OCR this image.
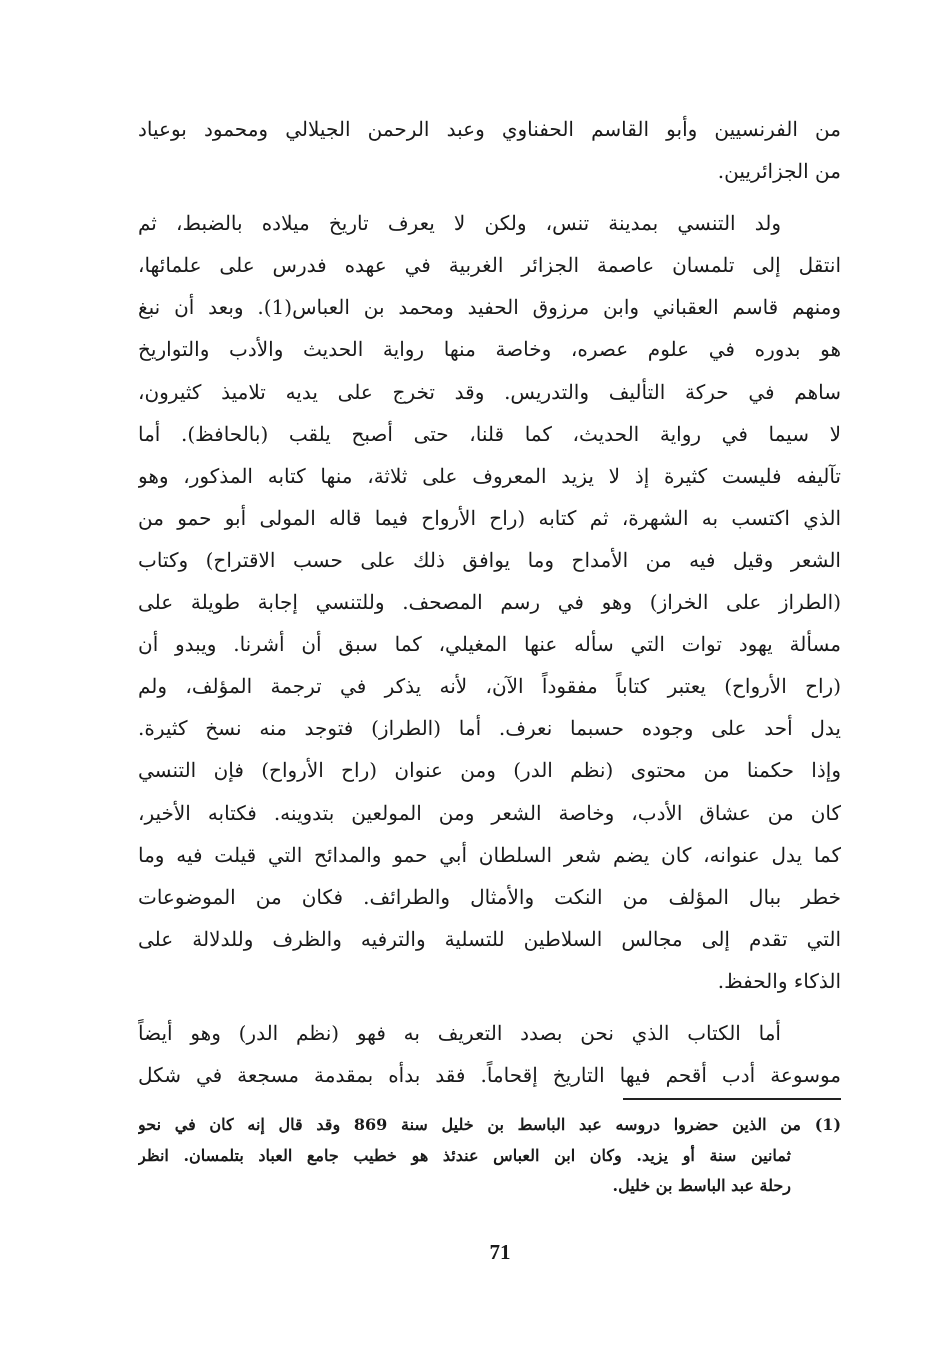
من الفرنسيين وأبو القاسم الحفناوي وعبد الرحمن الجيلالي ومحمود بوعياد
من الجزائريين.
ولد التنسي بمدينة تنس، ولكن لا يعرف تاريخ ميلاده بالضبط، ثم
انتقل إلى تلمسان عاصمة الجزائر الغربية في عهده فدرس على علمائها،
ومنهم قاسم العقباني وابن مرزوق الحفيد ومحمد بن العباس(1). وبعد أن نبغ
هو بدوره في علوم عصره، وخاصة منها رواية الحديث والأدب والتواريخ
ساهم في حركة التأليف والتدريس. وقد تخرج على يديه تلاميذ كثيرون،
لا سيما في رواية الحديث، كما قلنا، حتى أصبح يلقب (بالحافظ). أما
تآليفه فليست كثيرة إذ لا يزيد المعروف على ثلاثة، منها كتابه المذكور، وهو
الذي اكتسب به الشهرة، ثم كتابه (راح الأرواح فيما قاله المولى أبو حمو من
الشعر وقيل فيه من الأمداح وما يوافق ذلك على حسب الاقتراح) وكتاب
(الطراز على الخراز) وهو في رسم المصحف. وللتنسي إجابة طويلة على
مسألة يهود توات التي سأله عنها المغيلي، كما سبق أن أشرنا. ويبدو أن
(راح الأرواح) يعتبر كتاباً مفقوداً الآن، لأنه يذكر في ترجمة المؤلف، ولم
يدل أحد على وجوده حسبما نعرف. أما (الطراز) فتوجد منه نسخ كثيرة.
وإذا حكمنا من محتوى (نظم الدر) ومن عنوان (راح الأرواح) فإن التنسي
كان من عشاق الأدب، وخاصة الشعر ومن المولعين بتدوينه. فكتابه الأخير،
كما يدل عنوانه، كان يضم شعر السلطان أبي حمو والمدائح التي قيلت فيه وما
خطر ببال المؤلف من النكت والأمثال والطرائف. فكان من الموضوعات
التي تقدم إلى مجالس السلاطين للتسلية والترفيه والظرف وللدلالة على
الذكاء والحفظ.
أما الكتاب الذي نحن بصدد التعريف به فهو (نظم الدر) وهو أيضاً
موسوعة أدب أقحم فيها التاريخ إقحاماً. فقد بدأه بمقدمة مسجعة في شكل
(1) من الذين حضروا دروسه عبد الباسط بن خليل سنة 869 وقد قال إنه كان في نحو
ثمانين سنة أو يزيد. وكان ابن العباس عندئذ هو خطيب جامع العباد بتلمسان. انظر
رحلة عبد الباسط بن خليل.
71
